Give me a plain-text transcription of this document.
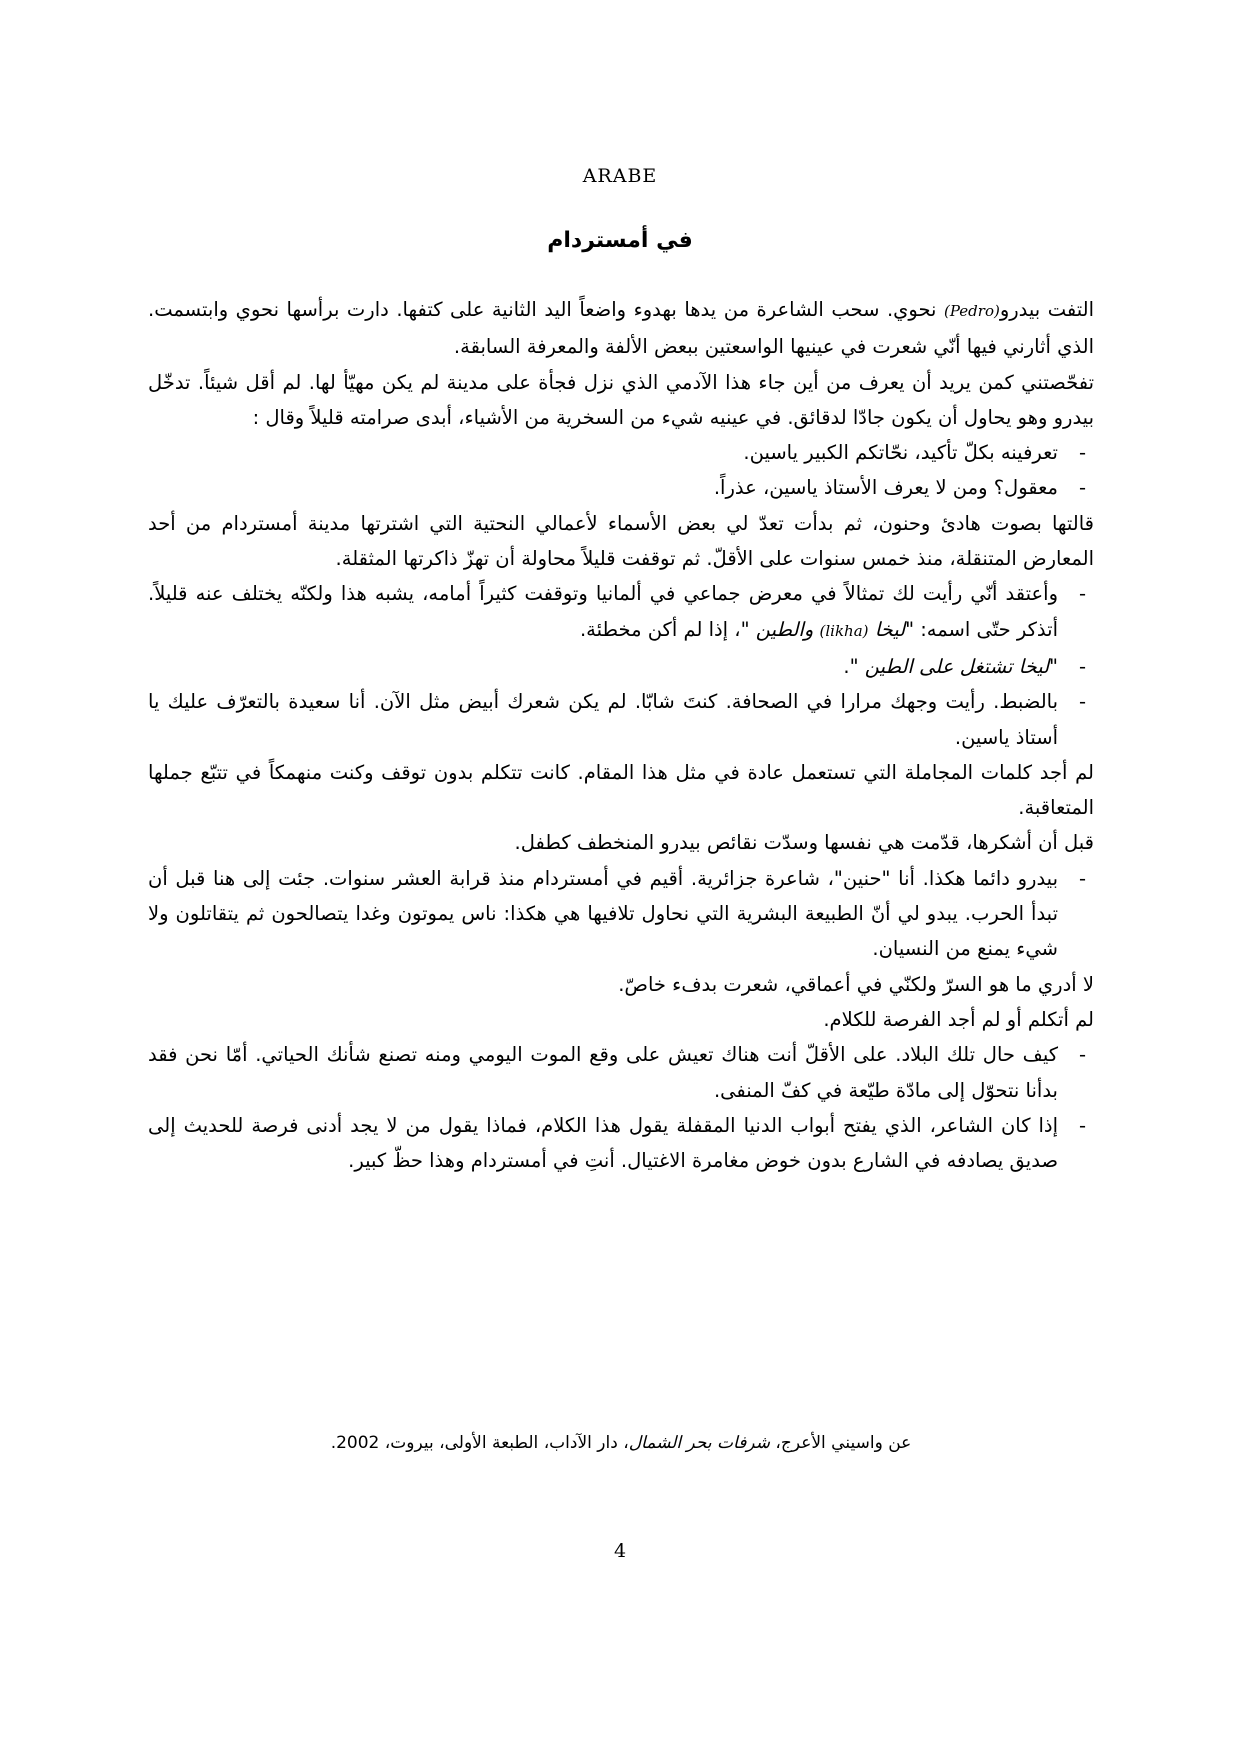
ARABE
في أمستردام

التفت بيدرو(Pedro) نحوي. سحب الشاعرة من يدها بهدوء واضعاً اليد الثانية على كتفها. دارت برأسها نحوي وابتسمت. الذي أثارني فيها أنّي شعرت في عينيها الواسعتين ببعض الألفة والمعرفة السابقة.

تفحّصتني كمن يريد أن يعرف من أين جاء هذا الآدمي الذي نزل فجأة على مدينة لم يكن مهيّأ لها. لم أقل شيئاً. تدخّل بيدرو وهو يحاول أن يكون جادّا لدقائق. في عينيه شيء من السخرية من الأشياء، أبدى صرامته قليلاً وقال :

-
تعرفينه بكلّ تأكيد، نحّاتكم الكبير ياسين.

-
معقول؟ ومن لا يعرف الأستاذ ياسين، عذراً.

قالتها بصوت هادئ وحنون، ثم بدأت تعدّ لي بعض الأسماء لأعمالي النحتية التي اشترتها مدينة أمستردام من أحد المعارض المتنقلة، منذ خمس سنوات على الأقلّ. ثم توقفت قليلاً محاولة أن تهزّ ذاكرتها المثقلة.

-
وأعتقد أنّي رأيت لك تمثالاً في معرض جماعي في ألمانيا وتوقفت كثيراً أمامه، يشبه هذا ولكنّه يختلف عنه قليلاً. أتذكر حتّى اسمه: "ليخا (likha) والطين "، إذا لم أكن مخطئة.

-
"ليخا تشتغل على الطين ".

-
بالضبط. رأيت وجهك مرارا في الصحافة. كنتَ شابّا. لم يكن شعرك أبيض مثل الآن. أنا سعيدة بالتعرّف عليك يا أستاذ ياسين.

لم أجد كلمات المجاملة التي تستعمل عادة في مثل هذا المقام. كانت تتكلم بدون توقف وكنت منهمكاً في تتبّع جملها المتعاقبة.

قبل أن أشكرها، قدّمت هي نفسها وسدّت نقائص بيدرو المنخطف كطفل.

-
بيدرو دائما هكذا. أنا "حنين"، شاعرة جزائرية. أقيم في أمستردام منذ قرابة العشر سنوات. جئت إلى هنا قبل أن تبدأ الحرب. يبدو لي أنّ الطبيعة البشرية التي نحاول تلافيها هي هكذا: ناس يموتون وغدا يتصالحون ثم يتقاتلون ولا شيء يمنع من النسيان.

لا أدري ما هو السرّ ولكنّي في أعماقي، شعرت بدفء خاصّ.

لم أتكلم أو لم أجد الفرصة للكلام.

-
كيف حال تلك البلاد. على الأقلّ أنت هناك تعيش على وقع الموت اليومي ومنه تصنع شأنك الحياتي. أمّا نحن فقد بدأنا نتحوّل إلى مادّة طيّعة في كفّ المنفى.

-
إذا كان الشاعر، الذي يفتح أبواب الدنيا المقفلة يقول هذا الكلام، فماذا يقول من لا يجد أدنى فرصة للحديث إلى صديق يصادفه في الشارع بدون خوض مغامرة الاغتيال. أنتِ في أمستردام وهذا حظّ كبير.

عن واسيني الأعرج، شرفات بحر الشمال، دار الآداب، الطبعة الأولى، بيروت، 2002.
4
